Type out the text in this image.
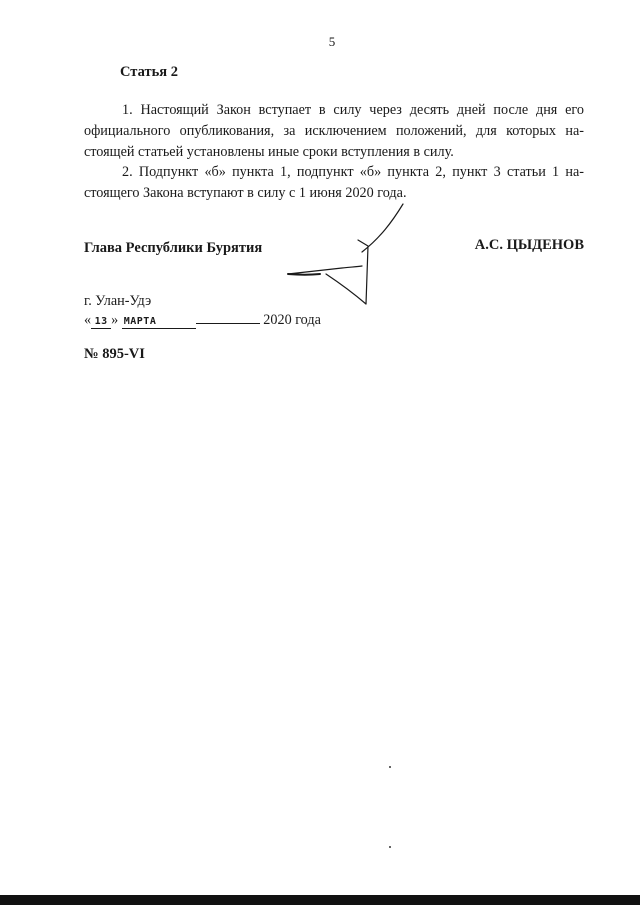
5
Статья 2
1. Настоящий Закон вступает в силу через десять дней после дня его
официального опубликования, за исключением положений, для которых на-
стоящей статьей установлены иные сроки вступления в силу.
2. Подпункт «б» пункта 1, подпункт «б» пункта 2, пункт 3 статьи 1 на-
стоящего Закона вступают в силу с 1 июня 2020 года.
Глава Республики Бурятия	А.С. ЦЫДЕНОВ
г. Улан-Удэ
« 13 » МАРТА	2020 года
№ 895-VI
